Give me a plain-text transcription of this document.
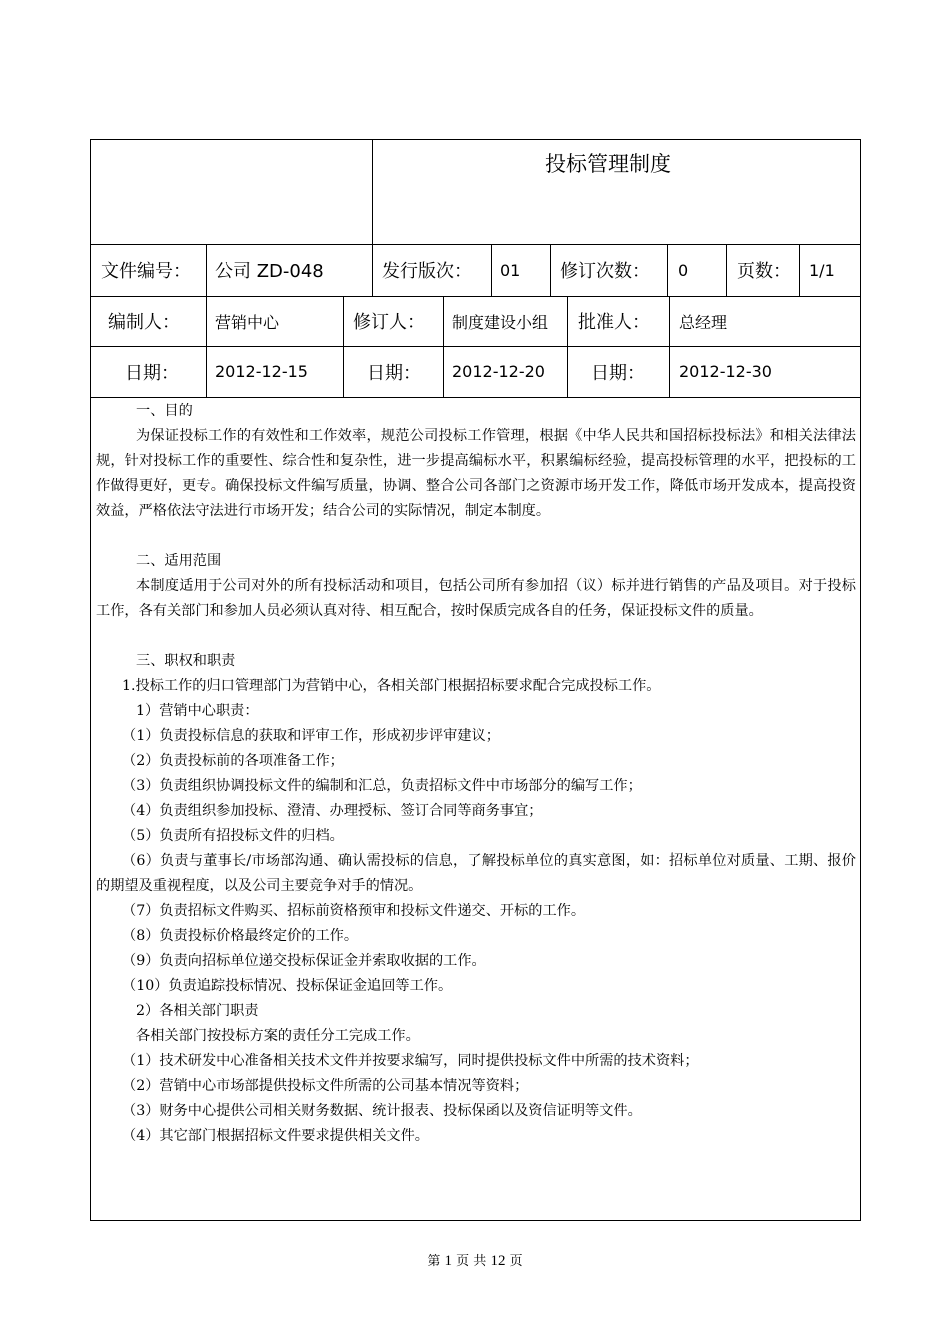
投标管理制度
文件编号： 公司 ZD-048	发行版次： 01 修订次数： 0	页数： 1/1
编制人： 营销中心	修订人： 制度建设小组 批准人： 总经理
日期： 2012-12-15	日期： 2012-12-20	日期： 2012-12-30

一、目的

为保证投标工作的有效性和工作效率，规范公司投标工作管理，根据《中华人民共和国招标投标法》和相关法律法规，针对投标工作的重要性、综合性和复杂性，进一步提高编标水平，积累编标经验，提高投标管理的水平，把投标的工作做得更好，更专。确保投标文件编写质量，协调、整合公司各部门之资源市场开发工作，降低市场开发成本，提高投资效益，严格依法守法进行市场开发；结合公司的实际情况，制定本制度。

二、适用范围

本制度适用于公司对外的所有投标活动和项目，包括公司所有参加招（议）标并进行销售的产品及项目。对于投标工作，各有关部门和参加人员必须认真对待、相互配合，按时保质完成各自的任务，保证投标文件的质量。

三、职权和职责

1.投标工作的归口管理部门为营销中心，各相关部门根据招标要求配合完成投标工作。

1）营销中心职责：

（1）负责投标信息的获取和评审工作，形成初步评审建议；

（2）负责投标前的各项准备工作；

（3）负责组织协调投标文件的编制和汇总，负责招标文件中市场部分的编写工作；

（4）负责组织参加投标、澄清、办理授标、签订合同等商务事宜；

（5）负责所有招投标文件的归档。

（6）负责与董事长/市场部沟通、确认需投标的信息，了解投标单位的真实意图，如：招标单位对质量、工期、报价的期望及重视程度，以及公司主要竞争对手的情况。

（7）负责招标文件购买、招标前资格预审和投标文件递交、开标的工作。

（8）负责投标价格最终定价的工作。

（9）负责向招标单位递交投标保证金并索取收据的工作。

（10）负责追踪投标情况、投标保证金追回等工作。

2）各相关部门职责

各相关部门按投标方案的责任分工完成工作。

（1）技术研发中心准备相关技术文件并按要求编写，同时提供投标文件中所需的技术资料；

（2）营销中心市场部提供投标文件所需的公司基本情况等资料；

（3）财务中心提供公司相关财务数据、统计报表、投标保函以及资信证明等文件。

（4）其它部门根据招标文件要求提供相关文件。

第 1 页 共 12 页
